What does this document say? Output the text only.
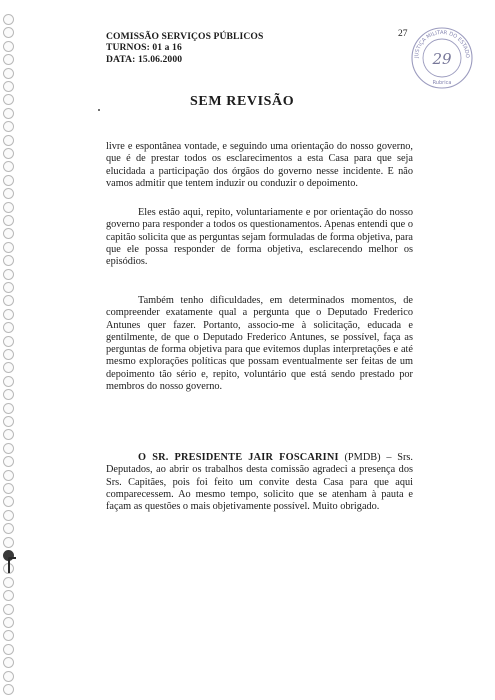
COMISSÃO SERVIÇOS PÚBLICOS
TURNOS: 01 a 16
DATA: 15.06.2000
27
JUSTIÇA MILITAR DO ESTADO
29
Rubrica
SEM REVISÃO

livre e espontânea vontade, e seguindo uma orientação do nosso governo, que é de prestar todos os esclarecimentos a esta Casa para que seja elucidada a participação dos órgãos do governo nesse incidente. E não vamos admitir que tentem induzir ou conduzir o depoimento.

Eles estão aqui, repito, voluntariamente e por orientação do nosso governo para responder a todos os questionamentos. Apenas entendi que o capitão solicita que as perguntas sejam formuladas de forma objetiva, para que ele possa responder de forma objetiva, esclarecendo melhor os episódios.

Também tenho dificuldades, em determinados momentos, de compreender exatamente qual a pergunta que o Deputado Frederico Antunes quer fazer. Portanto, associo-me à solicitação, educada e gentilmente, de que o Deputado Frederico Antunes, se possível, faça as perguntas de forma objetiva para que evitemos duplas interpretações e até mesmo explorações políticas que possam eventualmente ser feitas de um depoimento tão sério e, repito, voluntário que está sendo prestado por membros do nosso governo.

O SR. PRESIDENTE JAIR FOSCARINI (PMDB) – Srs. Deputados, ao abrir os trabalhos desta comissão agradeci a presença dos Srs. Capitães, pois foi feito um convite desta Casa para que aqui comparecessem. Ao mesmo tempo, solicito que se atenham à pauta e façam as questões o mais objetivamente possível. Muito obrigado.
